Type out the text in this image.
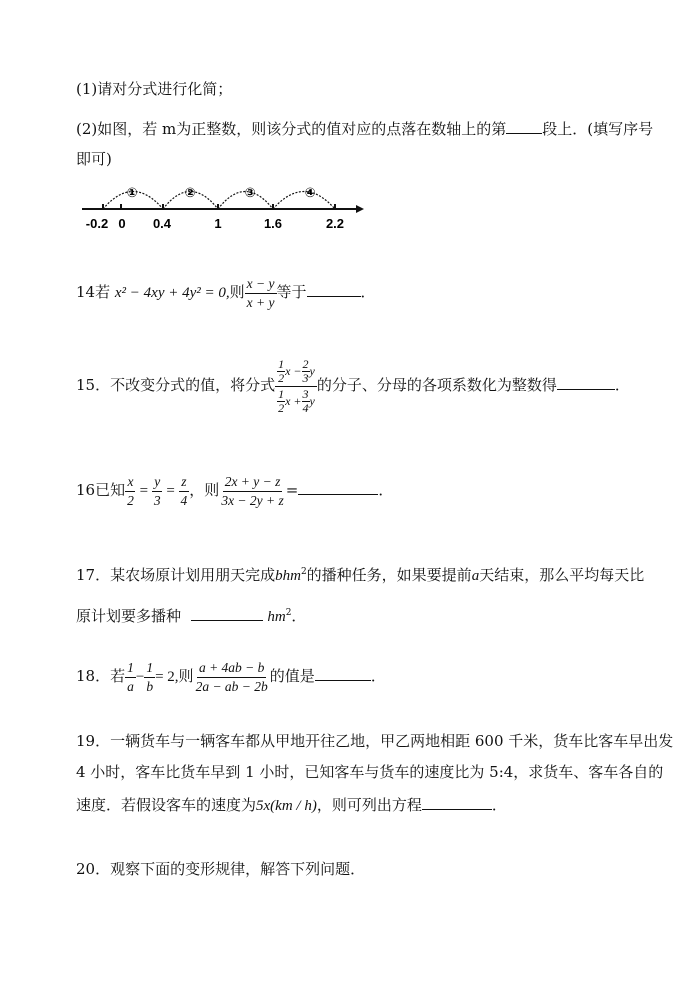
(1)请对分式进行化简；
(2)如图，若 m为正整数，则该分式的值对应的点落在数轴上的第 段上．(填写序号
即可)
①	②	③	④
-0.2 0 0.4	1	1.6	2.2
14若 x² − 4xy + 4y² = 0,则 $\frac{x - y}{x + y}$ 等于	．
15．不改变分式的值，将分式 $\frac{\frac{1}{2} x - \frac{2}{3} y}{\frac{1}{2} x + \frac{3}{4} y}$ 的分子、分母的各项系数化为整数得	．
16已知 $\frac{x}{2} = \frac{y}{3} = \frac{z}{4}$ ，则 $\frac{2x + y - z}{3x - 2y + z}$ =	．
17．某农场原计划用朋天完成bhm$^2$的播种任务，如果要提前a天结束，那么平均每天比
原计划要多播种	$hm^2$．
18．若 $\frac{1}{a} - \frac{1}{b} = 2$,则 $\frac{a + 4ab - b}{2a - ab - 2b}$ 的值是	．
19．一辆货车与一辆客车都从甲地开往乙地，甲乙两地相距 600 千米，货车比客车早出发
4 小时，客车比货车早到 1 小时，已知客车与货车的速度比为 5:4，求货车、客车各自的
速度．若假设客车的速度为5x(km / h)，则可列出方程	．
20．观察下面的变形规律，解答下列问题．
